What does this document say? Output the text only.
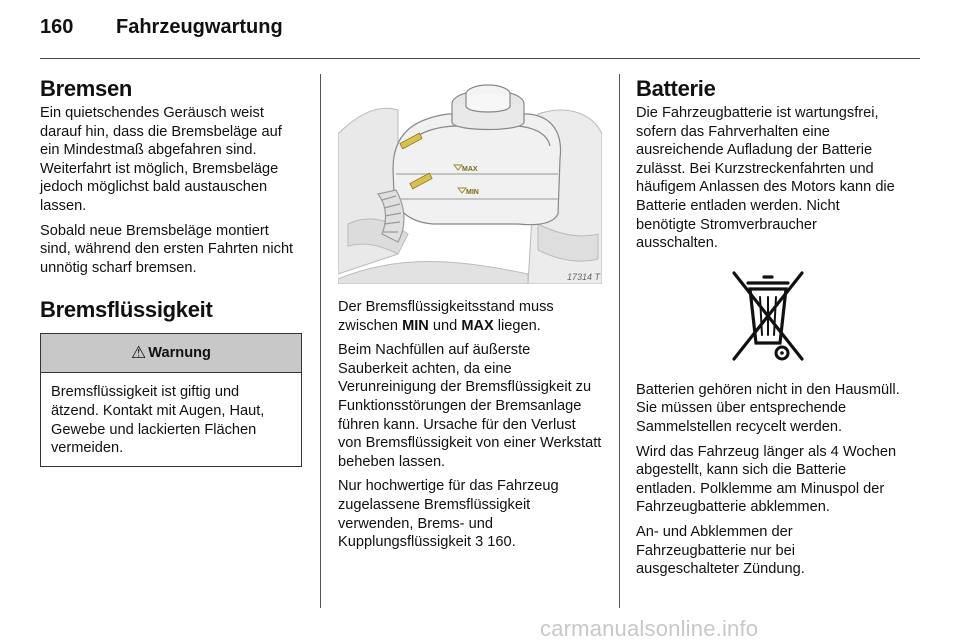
160 Fahrzeugwartung
Bremsen

Ein quietschendes Geräusch weist darauf hin, dass die Bremsbeläge auf ein Mindestmaß abgefahren sind. Weiterfahrt ist möglich, Bremsbeläge jedoch möglichst bald austauschen lassen.

Sobald neue Bremsbeläge montiert sind, während den ersten Fahrten nicht unnötig scharf bremsen.

Bremsflüssigkeit
⚠ Warnung

Bremsflüssigkeit ist giftig und ätzend. Kontakt mit Augen, Haut, Gewebe und lackierten Flächen vermeiden.

MAX
MIN
17314 T

Der Bremsflüssigkeitsstand muss zwischen MIN und MAX liegen.

Beim Nachfüllen auf äußerste Sauberkeit achten, da eine Verunreinigung der Bremsflüssigkeit zu Funktionsstörungen der Bremsanlage führen kann. Ursache für den Verlust von Bremsflüssigkeit von einer Werkstatt beheben lassen.

Nur hochwertige für das Fahrzeug zugelassene Bremsflüssigkeit verwenden, Brems- und Kupplungsflüssigkeit 3 160.

Batterie

Die Fahrzeugbatterie ist wartungsfrei, sofern das Fahrverhalten eine ausreichende Aufladung der Batterie zulässt. Bei Kurzstreckenfahrten und häufigem Anlassen des Motors kann die Batterie entladen werden. Nicht benötigte Stromverbraucher ausschalten.

Batterien gehören nicht in den Hausmüll. Sie müssen über entsprechende Sammelstellen recycelt werden.

Wird das Fahrzeug länger als 4 Wochen abgestellt, kann sich die Batterie entladen. Polklemme am Minuspol der Fahrzeugbatterie abklemmen.

An- und Abklemmen der Fahrzeugbatterie nur bei ausgeschalteter Zündung.

carmanualsonline.info
